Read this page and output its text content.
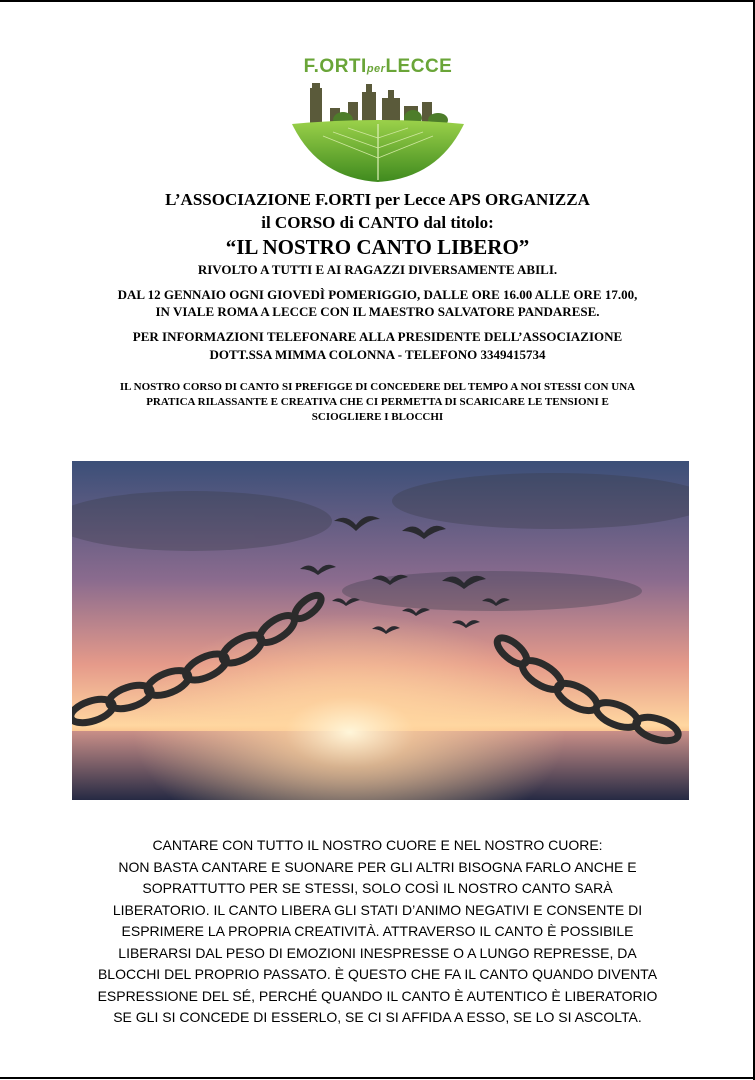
F.ORTIperLECCE
L’ASSOCIAZIONE F.ORTI per Lecce APS ORGANIZZA
il CORSO di CANTO dal titolo:
“IL NOSTRO CANTO LIBERO”
RIVOLTO A TUTTI E AI RAGAZZI DIVERSAMENTE ABILI.
DAL 12 GENNAIO OGNI GIOVEDÌ POMERIGGIO, DALLE ORE 16.00 ALLE ORE 17.00,
IN VIALE ROMA A LECCE CON IL MAESTRO SALVATORE PANDARESE.
PER INFORMAZIONI TELEFONARE ALLA PRESIDENTE DELL’ASSOCIAZIONE
DOTT.SSA MIMMA COLONNA - TELEFONO 3349415734
IL NOSTRO CORSO DI CANTO SI PREFIGGE DI CONCEDERE DEL TEMPO A NOI STESSI CON UNA
PRATICA RILASSANTE E CREATIVA CHE CI PERMETTA DI SCARICARE LE TENSIONI E
SCIOGLIERE I BLOCCHI
CANTARE CON TUTTO IL NOSTRO CUORE E NEL NOSTRO CUORE:
NON BASTA CANTARE E SUONARE PER GLI ALTRI BISOGNA FARLO ANCHE E
SOPRATTUTTO PER SE STESSI, SOLO COSÌ IL NOSTRO CANTO SARÀ
LIBERATORIO. IL CANTO LIBERA GLI STATI D’ANIMO NEGATIVI E CONSENTE DI
ESPRIMERE LA PROPRIA CREATIVITÀ. ATTRAVERSO IL CANTO È POSSIBILE
LIBERARSI DAL PESO DI EMOZIONI INESPRESSE O A LUNGO REPRESSE, DA
BLOCCHI DEL PROPRIO PASSATO. È QUESTO CHE FA IL CANTO QUANDO DIVENTA
ESPRESSIONE DEL SÉ, PERCHÉ QUANDO IL CANTO È AUTENTICO È LIBERATORIO
SE GLI SI CONCEDE DI ESSERLO, SE CI SI AFFIDA A ESSO, SE LO SI ASCOLTA.
